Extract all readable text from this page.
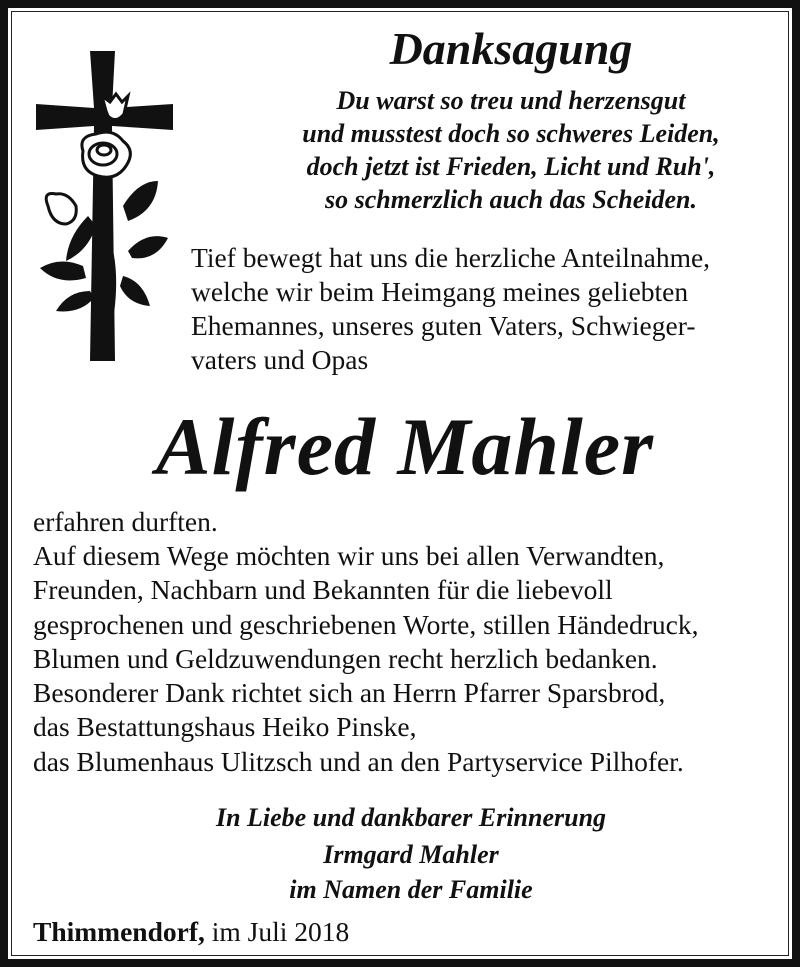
Danksagung
Du warst so treu und herzensgut
und musstest doch so schweres Leiden,
doch jetzt ist Frieden, Licht und Ruh',
so schmerzlich auch das Scheiden.
Tief bewegt hat uns die herzliche Anteilnahme,
welche wir beim Heimgang meines geliebten
Ehemannes, unseres guten Vaters, Schwieger-
vaters und Opas
Alfred Mahler
erfahren durften.
Auf diesem Wege möchten wir uns bei allen Verwandten,
Freunden, Nachbarn und Bekannten für die liebevoll
gesprochenen und geschriebenen Worte, stillen Händedruck,
Blumen und Geldzuwendungen recht herzlich bedanken.
Besonderer Dank richtet sich an Herrn Pfarrer Sparsbrod,
das Bestattungshaus Heiko Pinske,
das Blumenhaus Ulitzsch und an den Partyservice Pilhofer.
In Liebe und dankbarer Erinnerung
Irmgard Mahler
im Namen der Familie
Thimmendorf, im Juli 2018
